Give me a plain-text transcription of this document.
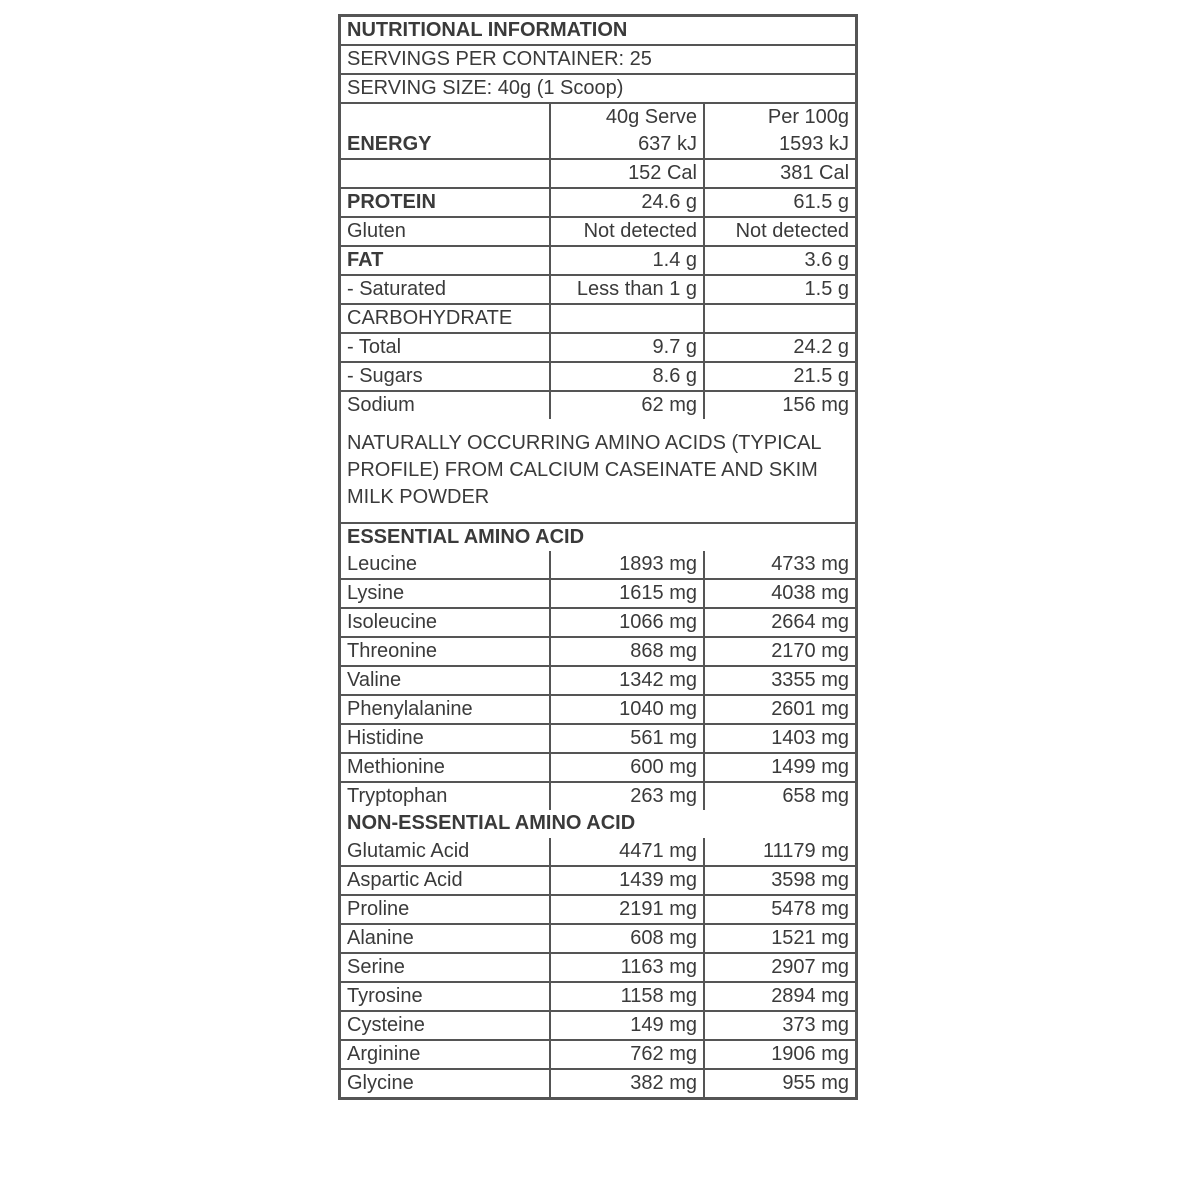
NUTRITIONAL INFORMATION		
SERVINGS PER CONTAINER: 25		
SERVING SIZE: 40g (1 Scoop)		
	40g Serve	Per 100g
ENERGY	637 kJ	1593 kJ
	152 Cal	381 Cal
PROTEIN	24.6 g	61.5 g
Gluten	Not detected	Not detected
FAT	1.4 g	3.6 g
- Saturated	Less than 1 g	1.5 g
CARBOHYDRATE		
- Total	9.7 g	24.2 g
- Sugars	8.6 g	21.5 g
Sodium	62 mg	156 mg
NATURALLY OCCURRING AMINO ACIDS (TYPICAL PROFILE) FROM CALCIUM CASEINATE AND SKIM MILK POWDER		
ESSENTIAL AMINO ACID		
Leucine	1893 mg	4733 mg
Lysine	1615 mg	4038 mg
Isoleucine	1066 mg	2664 mg
Threonine	868 mg	2170 mg
Valine	1342 mg	3355 mg
Phenylalanine	1040 mg	2601 mg
Histidine	561 mg	1403 mg
Methionine	600 mg	1499 mg
Tryptophan	263 mg	658 mg
NON-ESSENTIAL AMINO ACID		
Glutamic Acid	4471 mg	11179 mg
Aspartic Acid	1439 mg	3598 mg
Proline	2191 mg	5478 mg
Alanine	608 mg	1521 mg
Serine	1163 mg	2907 mg
Tyrosine	1158 mg	2894 mg
Cysteine	149 mg	373 mg
Arginine	762 mg	1906 mg
Glycine	382 mg	955 mg
